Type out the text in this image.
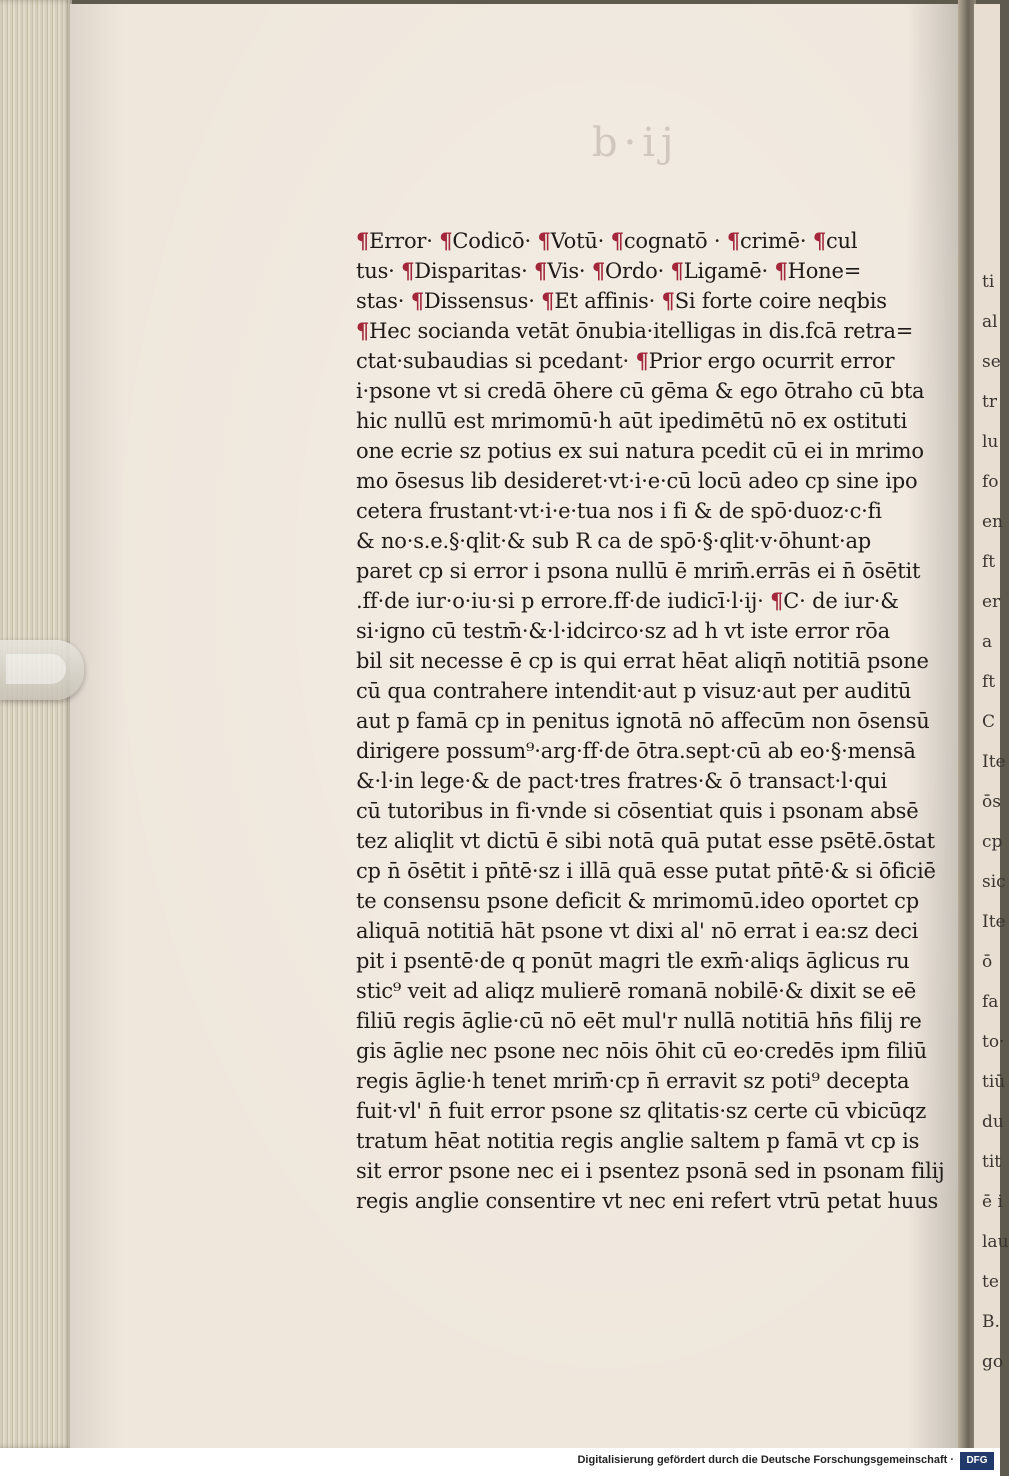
b·ij
¶Error· ¶Codicō· ¶Votū· ¶cognatō · ¶crimē· ¶cul
tus· ¶Disparitas· ¶Vis· ¶Ordo· ¶Ligamē· ¶Hone=
stas· ¶Dissensus· ¶Et affinis· ¶Si forte coire neqbis
¶Hec socianda vetāt ōnubia·itelligas in dis.fcā retra=
ctat·subaudias si pcedant· ¶Prior ergo ocurrit error
i·psone vt si credā ōhere cū gēma & ego ōtraho cū bta
hic nullū est mrimomū·h aūt ipedimētū nō ex ostituti
one ecrie sz potius ex sui natura pcedit cū ei in mrimo
mo ōsesus lib desideret·vt·i·e·cū locū adeo cp sine ipo
cetera frustant·vt·i·e·tua nos i fi & de spō·duoz·c·fi
& no·s.e.§·qlit·& sub R ca de spō·§·qlit·v·ōhunt·ap
paret cp si error i psona nullū ē mrim̄.errās ei n̄ ōsētit
.ff·de iur·o·iu·si p errore.ff·de iudicī·l·ij· ¶C· de iur·&
si·igno cū testm̄·&·l·idcirco·sz ad h vt iste error rōa
bil sit necesse ē cp is qui errat hēat aliqn̄ notitiā psone
cū qua contrahere intendit·aut p visuz·aut per auditū
aut p famā cp in penitus ignotā nō affecūm non ōsensū
dirigere possum⁹·arg·ff·de ōtra.sept·cū ab eo·§·mensā
&·l·in lege·& de pact·tres fratres·& ō transact·l·qui
cū tutoribus in fi·vnde si cōsentiat quis i psonam absē
tez aliqlit vt dictū ē sibi notā quā putat esse psētē.ōstat
cp n̄ ōsētit i pn̄tē·sz i illā quā esse putat pn̄tē·& si ōficiē
te consensu psone deficit & mrimomū.ideo oportet cp
aliquā notitiā hāt psone vt dixi al' nō errat i ea:sz deci
pit i psentē·de q ponūt magri tle exm̄·aliqs āglicus ru
stic⁹ veit ad aliqz mulierē romanā nobilē·& dixit se eē
filiū regis āglie·cū nō eēt mul'r nullā notitiā hn̄s filij re
gis āglie nec psone nec nōis ōhit cū eo·credēs ipm filiū
regis āglie·h tenet mrim̄·cp n̄ erravit sz poti⁹ decepta
fuit·vl' n̄ fuit error psone sz qlitatis·sz certe cū vbicūqz
tratum hēat notitia regis anglie saltem p famā vt cp is
sit error psone nec ei i psentez psonā sed in psonam filij
regis anglie consentire vt nec eni refert vtrū petat huus
ti
al
se
tr
lu
fo
en
ft
er
a
ft
C
Ite
ōs
cp
sic
Ite
ō
fa
to·
tiū
du
tit
ē i
lau
te
B.
go
Digitalisierung gefördert durch die Deutsche Forschungsgemeinschaft ·	DFG
